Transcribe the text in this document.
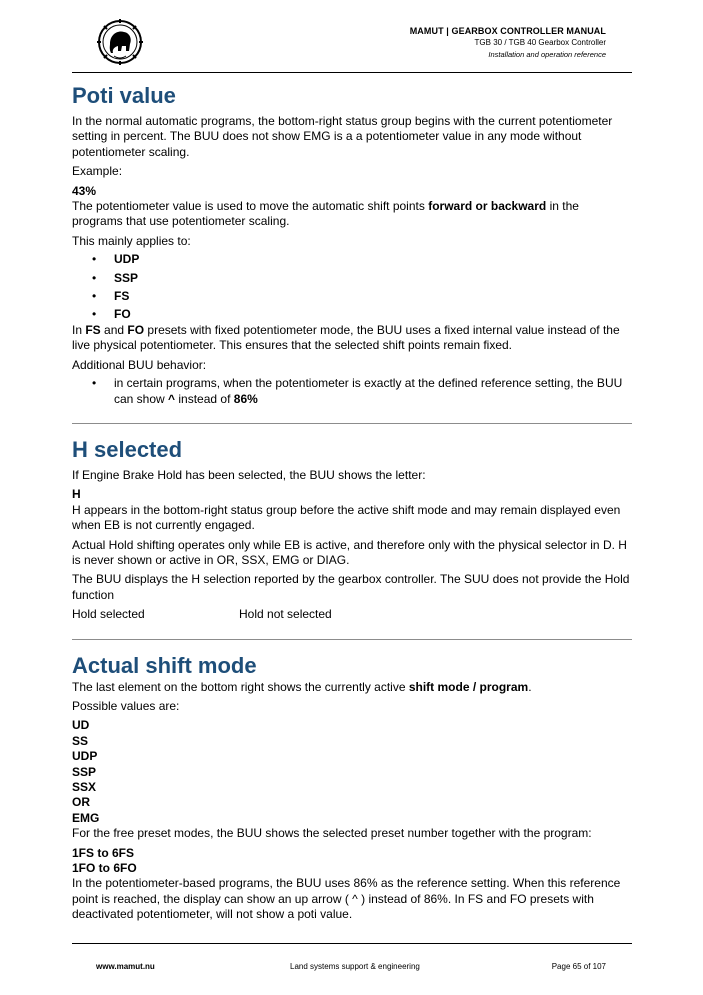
MAMUT | GEARBOX CONTROLLER MANUAL
TGB 30 / TGB 40 Gearbox Controller
Installation and operation reference
Poti value

In the normal automatic programs, the bottom-right status group begins with the current potentiometer setting in percent. The BUU does not show EMG is a a potentiometer value in any mode without potentiometer scaling.

Example:

43%

The potentiometer value is used to move the automatic shift points forward or backward in the programs that use potentiometer scaling.

This mainly applies to:

• UDP
• SSP
• FS
• FO

In FS and FO presets with fixed potentiometer mode, the BUU uses a fixed internal value instead of the live physical potentiometer. This ensures that the selected shift points remain fixed.

Additional BUU behavior:

• in certain programs, when the potentiometer is exactly at the defined reference setting, the BUU can show ^ instead of 86%
H selected

If Engine Brake Hold has been selected, the BUU shows the letter:

H

H appears in the bottom-right status group before the active shift mode and may remain displayed even when EB is not currently engaged.

Actual Hold shifting operates only while EB is active, and therefore only with the physical selector in D. H is never shown or active in OR, SSX, EMG or DIAG.

The BUU displays the H selection reported by the gearbox controller. The SUU does not provide the Hold function

Hold selected	Hold not selected

Actual shift mode

The last element on the bottom right shows the currently active shift mode / program.

Possible values are:

UD

SS

UDP

SSP

SSX

OR

EMG

For the free preset modes, the BUU shows the selected preset number together with the program:

1FS to 6FS

1FO to 6FO

In the potentiometer-based programs, the BUU uses 86% as the reference setting. When this reference point is reached, the display can show an up arrow ( ^ ) instead of 86%. In FS and FO presets with deactivated potentiometer, will not show a poti value.

www.mamut.nu	Land systems support & engineering	Page 65 of 107
